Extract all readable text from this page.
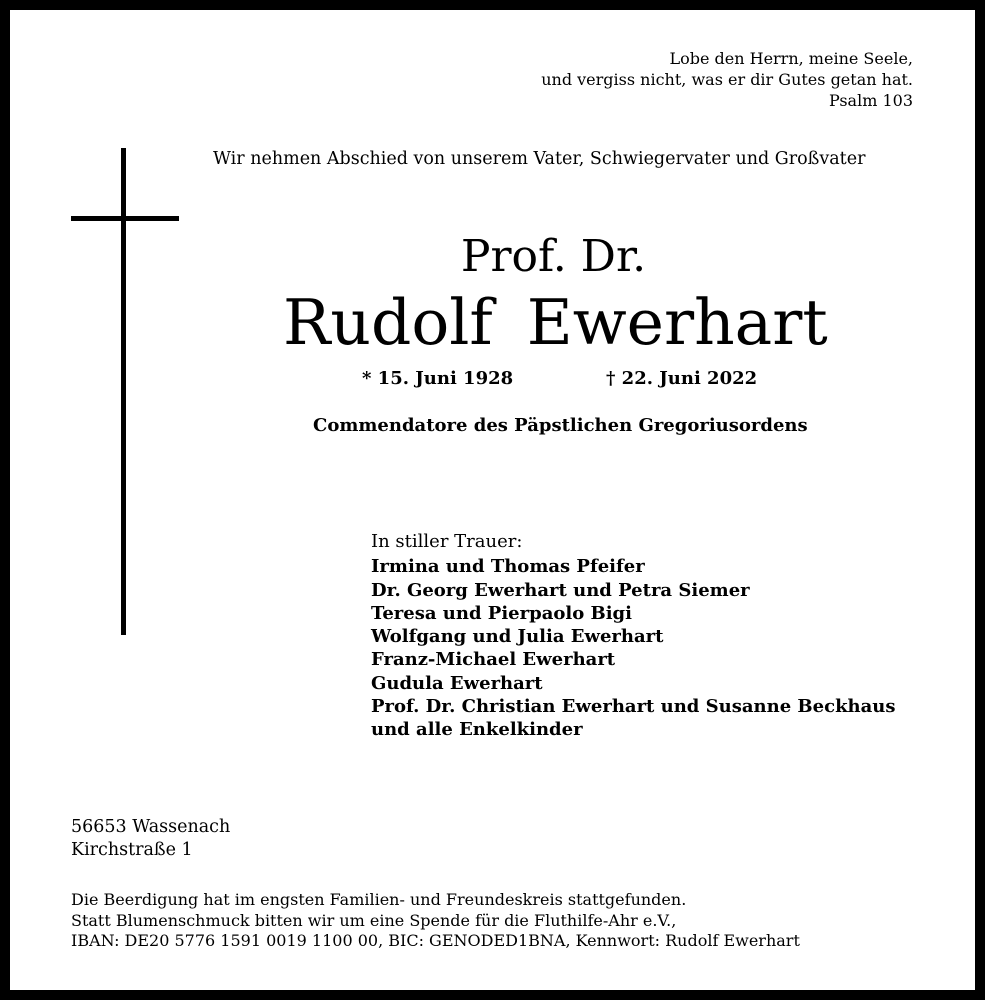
Lobe den Herrn, meine Seele,
und vergiss nicht, was er dir Gutes getan hat.
Psalm 103
Wir nehmen Abschied von unserem Vater, Schwiegervater und Großvater
Prof. Dr.
Rudolf Ewerhart
* 15. Juni 1928	† 22. Juni 2022
Commendatore des Päpstlichen Gregoriusordens
In stiller Trauer:
Irmina und Thomas Pfeifer
Dr. Georg Ewerhart und Petra Siemer
Teresa und Pierpaolo Bigi
Wolfgang und Julia Ewerhart
Franz-Michael Ewerhart
Gudula Ewerhart
Prof. Dr. Christian Ewerhart und Susanne Beckhaus
und alle Enkelkinder
56653 Wassenach
Kirchstraße 1
Die Beerdigung hat im engsten Familien- und Freundeskreis stattgefunden.
Statt Blumenschmuck bitten wir um eine Spende für die Fluthilfe-Ahr e.V.,
IBAN: DE20 5776 1591 0019 1100 00, BIC: GENODED1BNA, Kennwort: Rudolf Ewerhart
